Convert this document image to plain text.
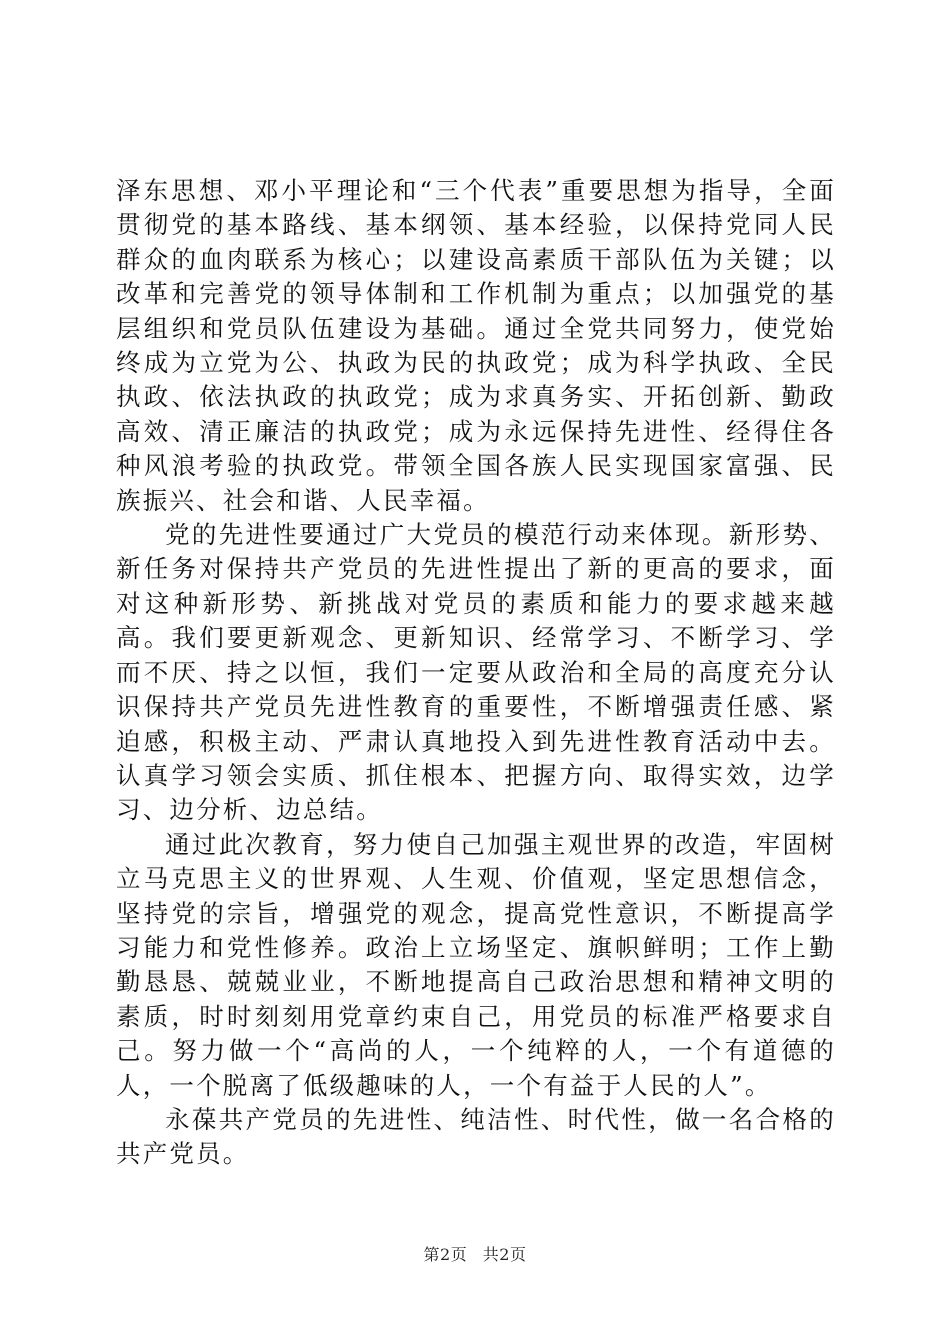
泽东思想、邓小平理论和“三个代表”重要思想为指导，全面贯彻党的基本路线、基本纲领、基本经验，以保持党同人民群众的血肉联系为核心；以建设高素质干部队伍为关键；以改革和完善党的领导体制和工作机制为重点；以加强党的基层组织和党员队伍建设为基础。通过全党共同努力，使党始终成为立党为公、执政为民的执政党；成为科学执政、全民执政、依法执政的执政党；成为求真务实、开拓创新、勤政高效、清正廉洁的执政党；成为永远保持先进性、经得住各种风浪考验的执政党。带领全国各族人民实现国家富强、民族振兴、社会和谐、人民幸福。

党的先进性要通过广大党员的模范行动来体现。新形势、新任务对保持共产党员的先进性提出了新的更高的要求，面对这种新形势、新挑战对党员的素质和能力的要求越来越高。我们要更新观念、更新知识、经常学习、不断学习、学而不厌、持之以恒，我们一定要从政治和全局的高度充分认识保持共产党员先进性教育的重要性，不断增强责任感、紧迫感，积极主动、严肃认真地投入到先进性教育活动中去。认真学习领会实质、抓住根本、把握方向、取得实效，边学习、边分析、边总结。

通过此次教育，努力使自己加强主观世界的改造，牢固树立马克思主义的世界观、人生观、价值观，坚定思想信念，坚持党的宗旨，增强党的观念，提高党性意识，不断提高学习能力和党性修养。政治上立场坚定、旗帜鲜明；工作上勤勤恳恳、兢兢业业，不断地提高自己政治思想和精神文明的素质，时时刻刻用党章约束自己，用党员的标准严格要求自己。努力做一个“高尚的人，一个纯粹的人，一个有道德的人，一个脱离了低级趣味的人，一个有益于人民的人”。

永葆共产党员的先进性、纯洁性、时代性，做一名合格的共产党员。

第2页 共2页
